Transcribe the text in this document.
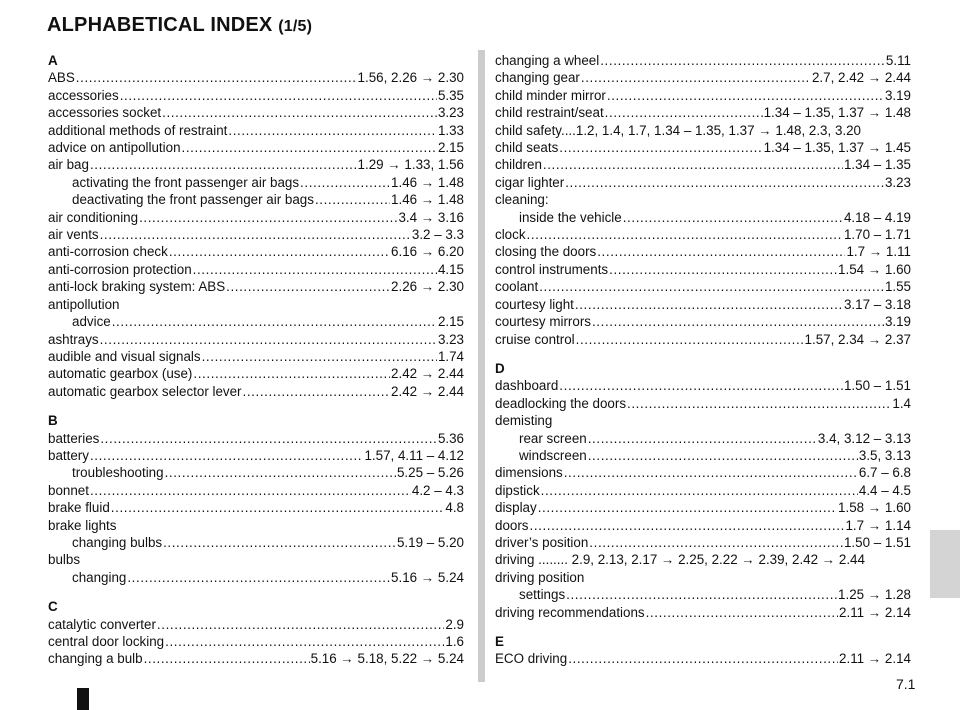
ALPHABETICAL INDEX (1/5)
A
ABS .....	1.56, 2.26 → 2.30
accessories .....	5.35
accessories socket .....	3.23
additional methods of restraint .....	1.33
advice on antipollution .....	2.15
air bag .....	1.29 → 1.33, 1.56
activating the front passenger air bags .....	1.46 → 1.48
deactivating the front passenger air bags .....	1.46 → 1.48
air conditioning .....	3.4 → 3.16
air vents .....	3.2 – 3.3
anti-corrosion check .....	6.16 → 6.20
anti-corrosion protection .....	4.15
anti-lock braking system: ABS .....	2.26 → 2.30
antipollution
advice .....	2.15
ashtrays .....	3.23
audible and visual signals .....	1.74
automatic gearbox (use) .....	2.42 → 2.44
automatic gearbox selector lever .....	2.42 → 2.44
B
batteries .....	5.36
battery .....	1.57, 4.11 – 4.12
troubleshooting .....	5.25 – 5.26
bonnet .....	4.2 – 4.3
brake fluid .....	4.8
brake lights
changing bulbs .....	5.19 – 5.20
bulbs
changing .....	5.16 → 5.24
C
catalytic converter .....	2.9
central door locking .....	1.6
changing a bulb .....	5.16 → 5.18, 5.22 → 5.24
changing a wheel .....	5.11
changing gear .....	2.7, 2.42 → 2.44
child minder mirror .....	3.19
child restraint/seat .....	1.34 – 1.35, 1.37 → 1.48
child safety....1.2, 1.4, 1.7, 1.34 – 1.35, 1.37 → 1.48, 2.3, 3.20
child seats .....	1.34 – 1.35, 1.37 → 1.45
children .....	1.34 – 1.35
cigar lighter .....	3.23
cleaning:
inside the vehicle .....	4.18 – 4.19
clock .....	1.70 – 1.71
closing the doors .....	1.7 → 1.11
control instruments .....	1.54 → 1.60
coolant .....	1.55
courtesy light .....	3.17 – 3.18
courtesy mirrors .....	3.19
cruise control .....	1.57, 2.34 → 2.37
D
dashboard .....	1.50 – 1.51
deadlocking the doors .....	1.4
demisting
rear screen .....	3.4, 3.12 – 3.13
windscreen .....	3.5, 3.13
dimensions .....	6.7 – 6.8
dipstick .....	4.4 – 4.5
display .....	1.58 → 1.60
doors .....	1.7 → 1.14
driver’s position .....	1.50 – 1.51
driving ........ 2.9, 2.13, 2.17 → 2.25, 2.22 → 2.39, 2.42 → 2.44
driving position
settings .....	1.25 → 1.28
driving recommendations .....	2.11 → 2.14
E
ECO driving .....	2.11 → 2.14
7.1
